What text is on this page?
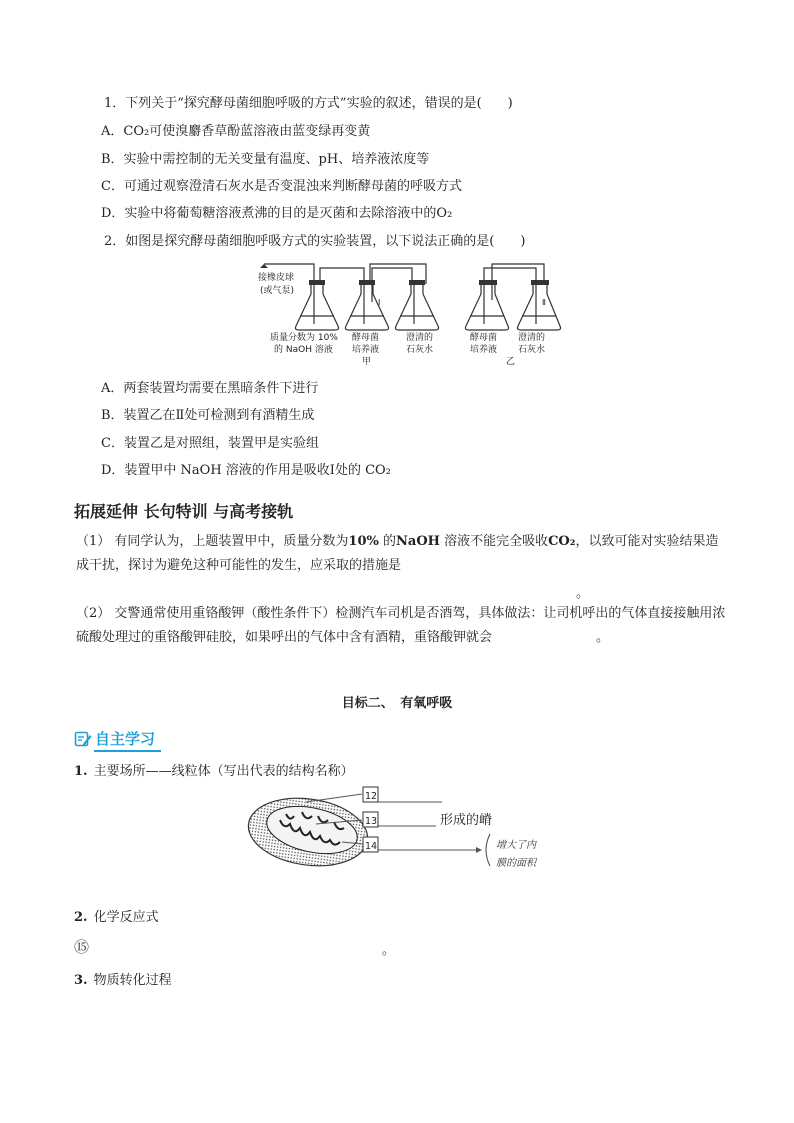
1．下列关于“探究酵母菌细胞呼吸的方式”实验的叙述，错误的是(　　)
A．CO₂可使溴麝香草酚蓝溶液由蓝变绿再变黄
B．实验中需控制的无关变量有温度、pH、培养液浓度等
C．可通过观察澄清石灰水是否变混浊来判断酵母菌的呼吸方式
D．实验中将葡萄糖溶液煮沸的目的是灭菌和去除溶液中的O₂
2．如图是探究酵母菌细胞呼吸方式的实验装置，以下说法正确的是(　　)
接橡皮球
(或气泵)
Ⅰ	Ⅱ
质量分数为 10%
的 NaOH 溶液
酵母菌
培养液
甲
澄清的
石灰水
酵母菌
培养液
澄清的
石灰水
乙
A．两套装置均需要在黑暗条件下进行
B．装置乙在Ⅱ处可检测到有酒精生成
C．装置乙是对照组，装置甲是实验组
D．装置甲中 NaOH 溶液的作用是吸收Ⅰ处的 CO₂
拓展延伸 长句特训 与高考接轨
（1） 有同学认为，上题装置甲中，质量分数为10% 的NaOH 溶液不能完全吸收CO₂，以致可能对实验结果造成干扰，探讨为避免这种可能性的发生，应采取的措施是
。
（2） 交警通常使用重铬酸钾（酸性条件下）检测汽车司机是否酒驾，具体做法：让司机呼出的气体直接接触用浓硫酸处理过的重铬酸钾硅胶，如果呼出的气体中含有酒精，重铬酸钾就会	。
目标二、　有氧呼吸
自主学习
1. 主要场所——线粒体（写出代表的结构名称）
12
13
14
形成的嵴
增大了内
膜的面积
2. 化学反应式
⑮	。
3. 物质转化过程
